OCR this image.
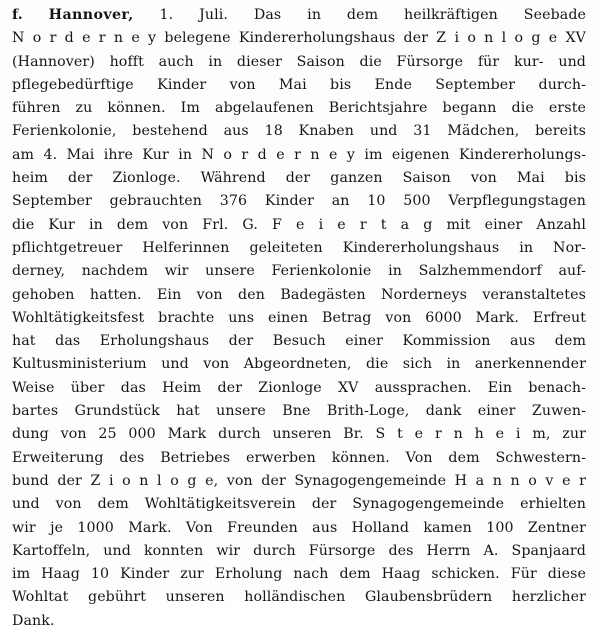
f. Hannover, 1. Juli. Das in dem heilkräftigen Seebade
N o r d e r n e y belegene Kindererholungshaus der Z i o n l o g e XV
(Hannover) hofft auch in dieser Saison die Fürsorge für kur- und
pflegebedürftige Kinder von Mai bis Ende September durch-
führen zu können. Im abgelaufenen Berichtsjahre begann die erste
Ferienkolonie, bestehend aus 18 Knaben und 31 Mädchen, bereits
am 4. Mai ihre Kur in N o r d e r n e y im eigenen Kindererholungs-
heim der Zionloge. Während der ganzen Saison von Mai bis
September gebrauchten 376 Kinder an 10 500 Verpflegungstagen
die Kur in dem von Frl. G. F e i e r t a g mit einer Anzahl
pflichtgetreuer Helferinnen geleiteten Kindererholungshaus in Nor-
derney, nachdem wir unsere Ferienkolonie in Salzhemmendorf auf-
gehoben hatten. Ein von den Badegästen Norderneys veranstaltetes
Wohltätigkeitsfest brachte uns einen Betrag von 6000 Mark. Erfreut
hat das Erholungshaus der Besuch einer Kommission aus dem
Kultusministerium und von Abgeordneten, die sich in anerkennender
Weise über das Heim der Zionloge XV aussprachen. Ein benach-
bartes Grundstück hat unsere Bne Brith-Loge, dank einer Zuwen-
dung von 25 000 Mark durch unseren Br. S t e r n h e i m, zur
Erweiterung des Betriebes erwerben können. Von dem Schwestern-
bund der Z i o n l o g e, von der Synagogengemeinde H a n n o v e r
und von dem Wohltätigkeitsverein der Synagogengemeinde erhielten
wir je 1000 Mark. Von Freunden aus Holland kamen 100 Zentner
Kartoffeln, und konnten wir durch Fürsorge des Herrn A. Spanjaard
im Haag 10 Kinder zur Erholung nach dem Haag schicken. Für diese
Wohltat gebührt unseren holländischen Glaubensbrüdern herzlicher
Dank.
